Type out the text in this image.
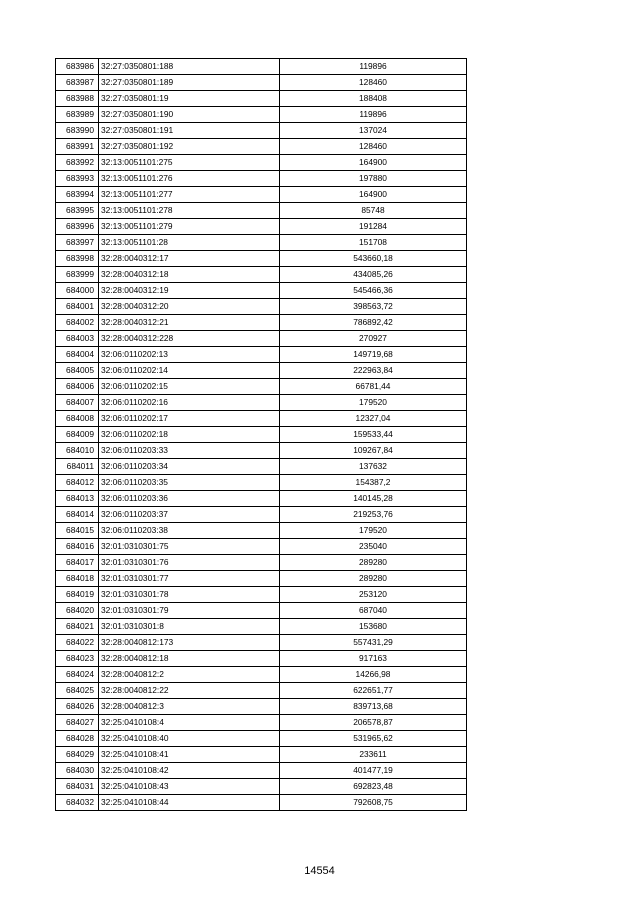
683986	32:27:0350801:188	119896
683987	32:27:0350801:189	128460
683988	32:27:0350801:19	188408
683989	32:27:0350801:190	119896
683990	32:27:0350801:191	137024
683991	32:27:0350801:192	128460
683992	32:13:0051101:275	164900
683993	32:13:0051101:276	197880
683994	32:13:0051101:277	164900
683995	32:13:0051101:278	85748
683996	32:13:0051101:279	191284
683997	32:13:0051101:28	151708
683998	32:28:0040312:17	543660,18
683999	32:28:0040312:18	434085,26
684000	32:28:0040312:19	545466,36
684001	32:28:0040312:20	398563,72
684002	32:28:0040312:21	786892,42
684003	32:28:0040312:228	270927
684004	32:06:0110202:13	149719,68
684005	32:06:0110202:14	222963,84
684006	32:06:0110202:15	66781,44
684007	32:06:0110202:16	179520
684008	32:06:0110202:17	12327,04
684009	32:06:0110202:18	159533,44
684010	32:06:0110203:33	109267,84
684011	32:06:0110203:34	137632
684012	32:06:0110203:35	154387,2
684013	32:06:0110203:36	140145,28
684014	32:06:0110203:37	219253,76
684015	32:06:0110203:38	179520
684016	32:01:0310301:75	235040
684017	32:01:0310301:76	289280
684018	32:01:0310301:77	289280
684019	32:01:0310301:78	253120
684020	32:01:0310301:79	687040
684021	32:01:0310301:8	153680
684022	32:28:0040812:173	557431,29
684023	32:28:0040812:18	917163
684024	32:28:0040812:2	14266,98
684025	32:28:0040812:22	622651,77
684026	32:28:0040812:3	839713,68
684027	32:25:0410108:4	206578,87
684028	32:25:0410108:40	531965,62
684029	32:25:0410108:41	233611
684030	32:25:0410108:42	401477,19
684031	32:25:0410108:43	692823,48
684032	32:25:0410108:44	792608,75
14554
